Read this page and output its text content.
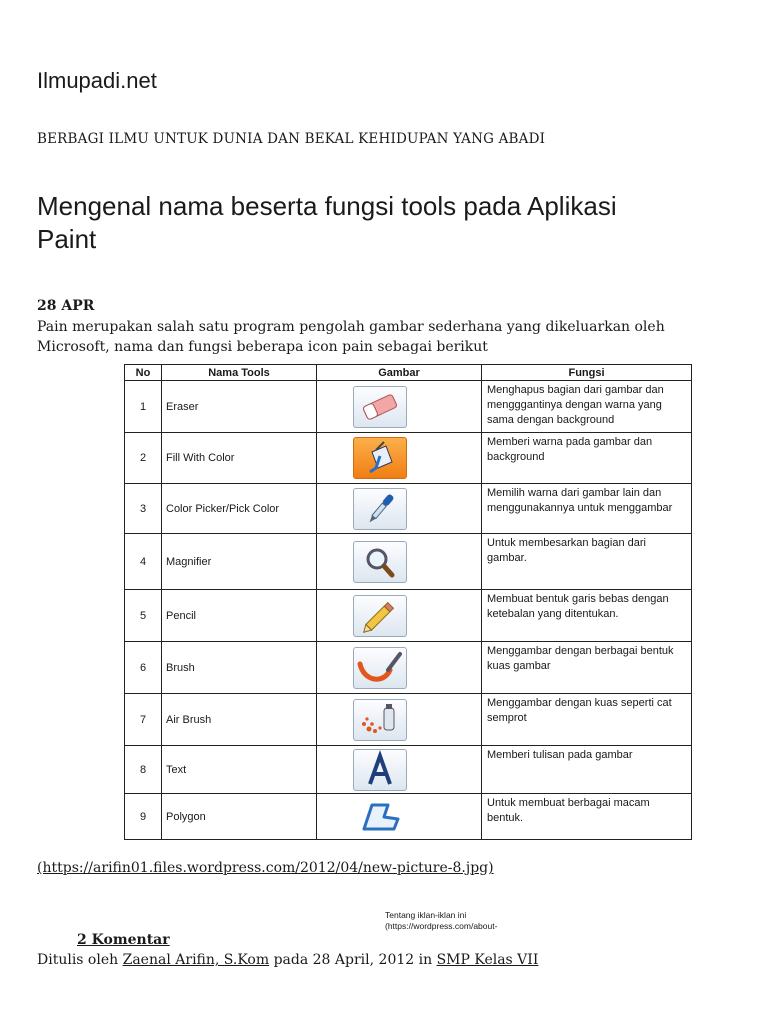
Ilmupadi.net
BERBAGI ILMU UNTUK DUNIA DAN BEKAL KEHIDUPAN YANG ABADI
Mengenal nama beserta fungsi tools pada Aplikasi Paint
28 APR
Pain merupakan salah satu program pengolah gambar sederhana yang dikeluarkan oleh Microsoft, nama dan fungsi beberapa icon pain sebagai berikut
No	Nama Tools	Gambar	Fungsi
1	Eraser		Menghapus bagian dari gambar dan mengggantinya dengan warna yang sama dengan background
2	Fill With Color		Memberi warna pada gambar dan background
3	Color Picker/Pick Color		Memilih warna dari gambar lain dan menggunakannya untuk menggambar
4	Magnifier		Untuk membesarkan bagian dari gambar.
5	Pencil		Membuat bentuk garis bebas dengan ketebalan yang ditentukan.
6	Brush		Menggambar dengan berbagai bentuk kuas gambar
7	Air Brush		Menggambar dengan kuas seperti cat semprot
8	Text		Memberi tulisan pada gambar
9	Polygon		Untuk membuat berbagai macam bentuk.
(https://arifin01.files.wordpress.com/2012/04/new-picture-8.jpg)
Tentang iklan-iklan ini
(https://wordpress.com/about-
2 Komentar
Ditulis oleh Zaenal Arifin, S.Kom pada 28 April, 2012 in SMP Kelas VII
